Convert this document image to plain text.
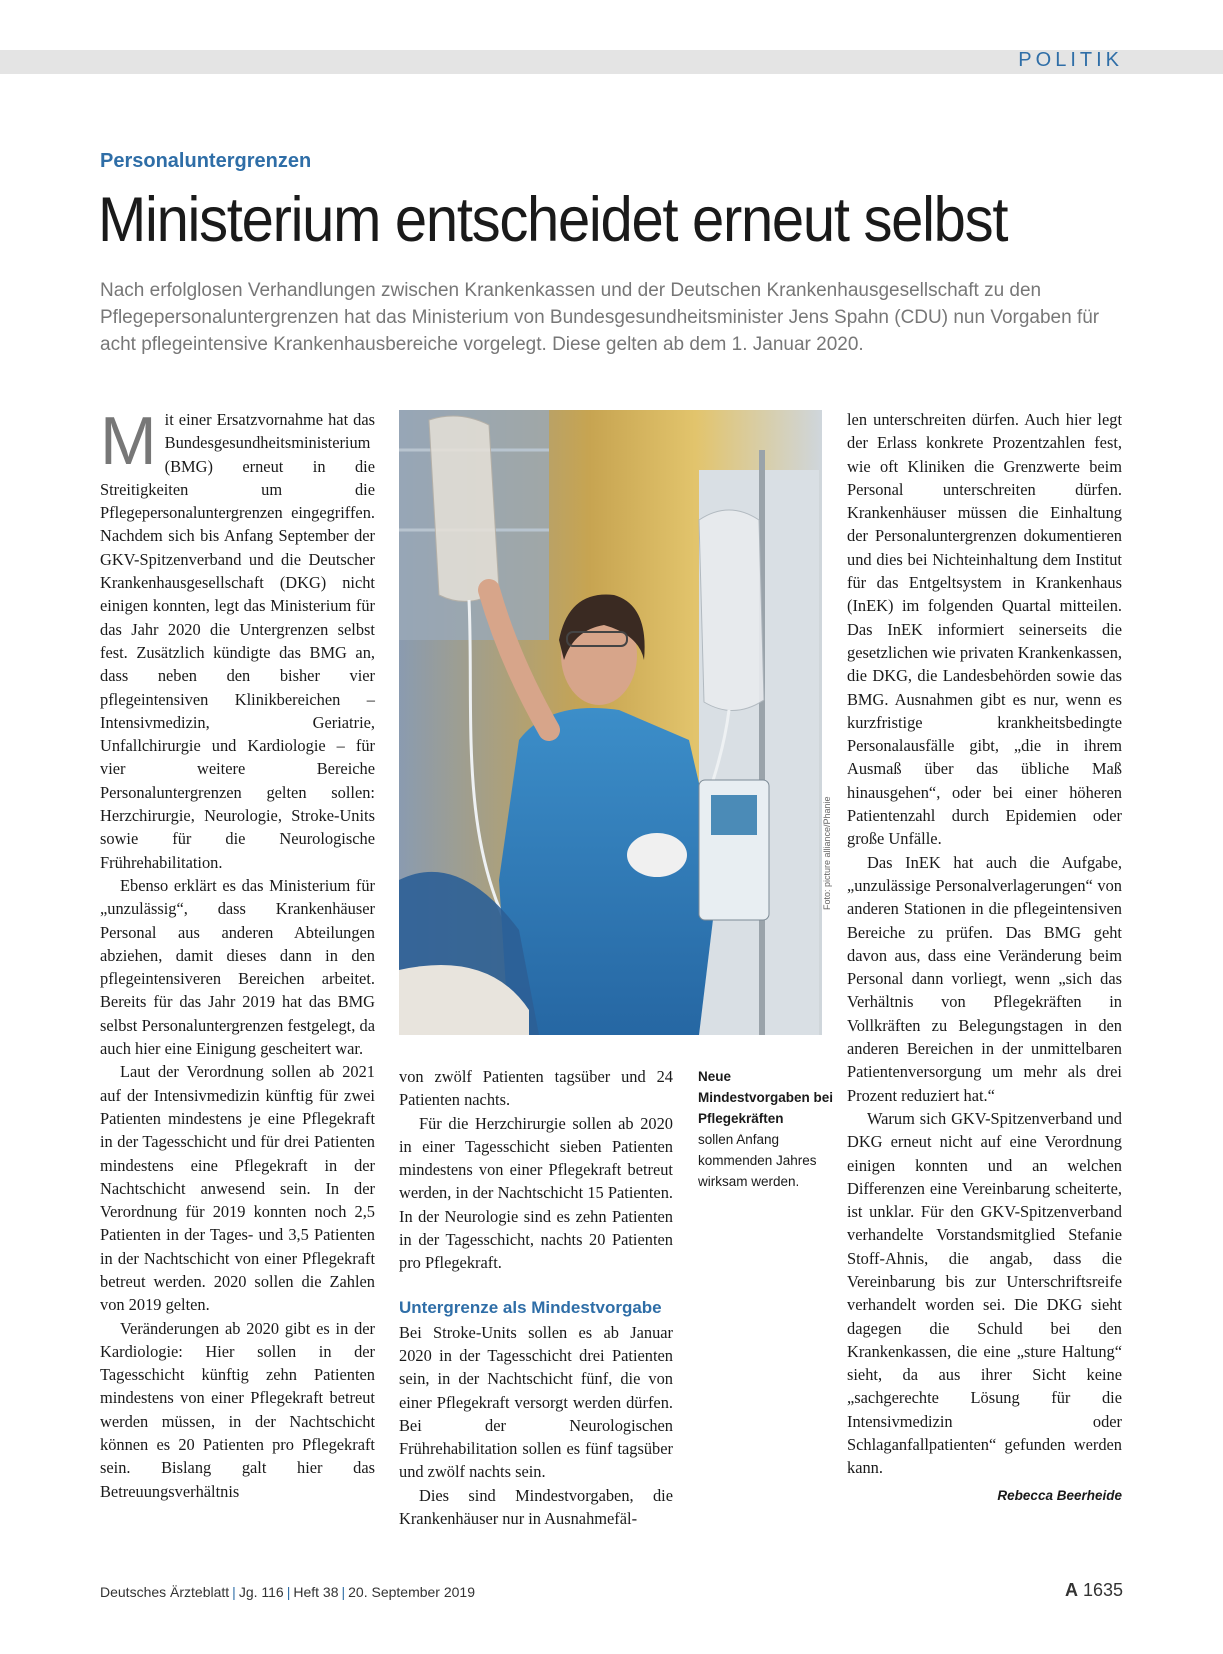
POLITIK
Personaluntergrenzen
Ministerium entscheidet erneut selbst

Nach erfolglosen Verhandlungen zwischen Krankenkassen und der Deutschen Krankenhausgesellschaft zu den Pflegepersonaluntergrenzen hat das Ministerium von Bundesgesundheitsminister Jens Spahn (CDU) nun Vorgaben für acht pflegeintensive Krankenhausbereiche vorgelegt. Diese gelten ab dem 1. Januar 2020.

Mit einer Ersatzvornahme hat das Bundesgesundheitsministerium (BMG) erneut in die Streitigkeiten um die Pflegepersonaluntergrenzen eingegriffen. Nachdem sich bis Anfang September der GKV-Spitzenverband und die Deutscher Krankenhausgesellschaft (DKG) nicht einigen konnten, legt das Ministerium für das Jahr 2020 die Untergrenzen selbst fest. Zusätzlich kündigte das BMG an, dass neben den bisher vier pflegeintensiven Klinikbereichen – Intensivmedizin, Geriatrie, Unfallchirurgie und Kardiologie – für vier weitere Bereiche Personaluntergrenzen gelten sollen: Herzchirurgie, Neurologie, Stroke-Units sowie für die Neurologische Frührehabilitation.

Ebenso erklärt es das Ministerium für „unzulässig“, dass Krankenhäuser Personal aus anderen Abteilungen abziehen, damit dieses dann in den pflegeintensiveren Bereichen arbeitet. Bereits für das Jahr 2019 hat das BMG selbst Personaluntergrenzen festgelegt, da auch hier eine Einigung gescheitert war.

Laut der Verordnung sollen ab 2021 auf der Intensivmedizin künftig für zwei Patienten mindestens je eine Pflegekraft in der Tagesschicht und für drei Patienten mindestens eine Pflegekraft in der Nachtschicht anwesend sein. In der Verordnung für 2019 konnten noch 2,5 Patienten in der Tages- und 3,5 Patienten in der Nachtschicht von einer Pflegekraft betreut werden. 2020 sollen die Zahlen von 2019 gelten.

Veränderungen ab 2020 gibt es in der Kardiologie: Hier sollen in der Tagesschicht künftig zehn Patienten mindestens von einer Pflegekraft betreut werden müssen, in der Nachtschicht können es 20 Patienten pro Pflegekraft sein. Bislang galt hier das Betreuungsverhältnis

Foto: picture alliance/Phanie
Neue Mindestvorgaben bei Pflegekräften
sollen Anfang kommenden Jahres wirksam werden.

von zwölf Patienten tagsüber und 24 Patienten nachts.

Für die Herzchirurgie sollen ab 2020 in einer Tagesschicht sieben Patienten mindestens von einer Pflegekraft betreut werden, in der Nachtschicht 15 Patienten. In der Neurologie sind es zehn Patienten in der Tagesschicht, nachts 20 Patienten pro Pflegekraft.

Untergrenze als Mindestvorgabe

Bei Stroke-Units sollen es ab Januar 2020 in der Tagesschicht drei Patienten sein, in der Nachtschicht fünf, die von einer Pflegekraft versorgt werden dürfen. Bei der Neurologischen Frührehabilitation sollen es fünf tagsüber und zwölf nachts sein.

Dies sind Mindestvorgaben, die Krankenhäuser nur in Ausnahmefäl-

len unterschreiten dürfen. Auch hier legt der Erlass konkrete Prozentzahlen fest, wie oft Kliniken die Grenzwerte beim Personal unterschreiten dürfen. Krankenhäuser müssen die Einhaltung der Personaluntergrenzen dokumentieren und dies bei Nichteinhaltung dem Institut für das Entgeltsystem in Krankenhaus (InEK) im folgenden Quartal mitteilen. Das InEK informiert seinerseits die gesetzlichen wie privaten Krankenkassen, die DKG, die Landesbehörden sowie das BMG. Ausnahmen gibt es nur, wenn es kurzfristige krankheitsbedingte Personalausfälle gibt, „die in ihrem Ausmaß über das übliche Maß hinausgehen“, oder bei einer höheren Patientenzahl durch Epidemien oder große Unfälle.

Das InEK hat auch die Aufgabe, „unzulässige Personalverlagerungen“ von anderen Stationen in die pflegeintensiven Bereiche zu prüfen. Das BMG geht davon aus, dass eine Veränderung beim Personal dann vorliegt, wenn „sich das Verhältnis von Pflegekräften in Vollkräften zu Belegungstagen in den anderen Bereichen in der unmittelbaren Patientenversorgung um mehr als drei Prozent reduziert hat.“

Warum sich GKV-Spitzenverband und DKG erneut nicht auf eine Verordnung einigen konnten und an welchen Differenzen eine Vereinbarung scheiterte, ist unklar. Für den GKV-Spitzenverband verhandelte Vorstandsmitglied Stefanie Stoff-Ahnis, die angab, dass die Vereinbarung bis zur Unterschriftsreife verhandelt worden sei. Die DKG sieht dagegen die Schuld bei den Krankenkassen, die eine „sture Haltung“ sieht, da aus ihrer Sicht keine „sachgerechte Lösung für die Intensivmedizin oder Schlaganfallpatienten“ gefunden werden kann.

Rebecca Beerheide
Deutsches Ärzteblatt | Jg. 116 | Heft 38 | 20. September 2019	A 1635
